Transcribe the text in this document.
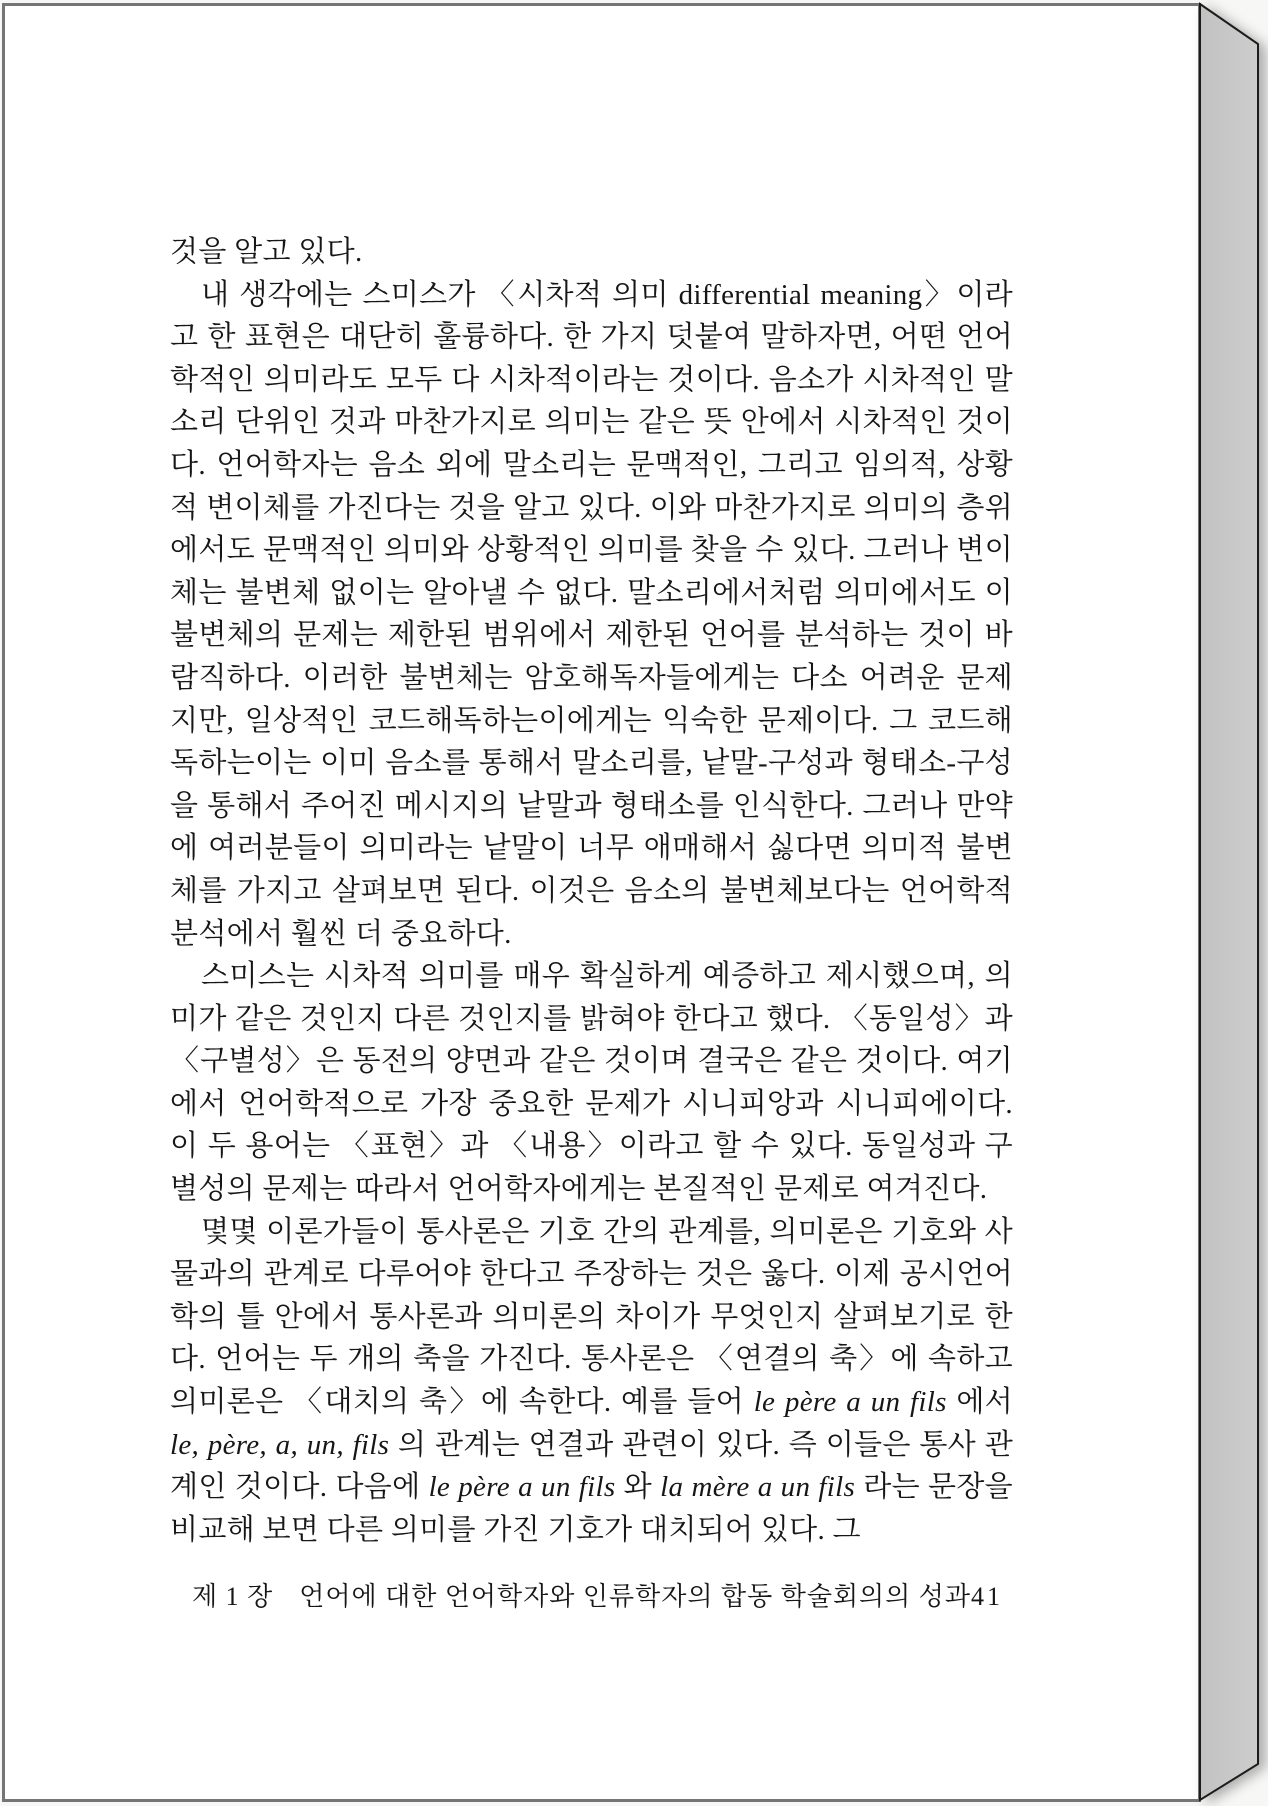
것을 알고 있다.

내 생각에는 스미스가 〈시차적 의미 differential meaning〉이라고 한 표현은 대단히 훌륭하다. 한 가지 덧붙여 말하자면, 어떤 언어학적인 의미라도 모두 다 시차적이라는 것이다. 음소가 시차적인 말소리 단위인 것과 마찬가지로 의미는 같은 뜻 안에서 시차적인 것이다. 언어학자는 음소 외에 말소리는 문맥적인, 그리고 임의적, 상황적 변이체를 가진다는 것을 알고 있다. 이와 마찬가지로 의미의 층위에서도 문맥적인 의미와 상황적인 의미를 찾을 수 있다. 그러나 변이체는 불변체 없이는 알아낼 수 없다. 말소리에서처럼 의미에서도 이 불변체의 문제는 제한된 범위에서 제한된 언어를 분석하는 것이 바람직하다. 이러한 불변체는 암호해독자들에게는 다소 어려운 문제지만, 일상적인 코드해독하는이에게는 익숙한 문제이다. 그 코드해독하는이는 이미 음소를 통해서 말소리를, 낱말-구성과 형태소-구성을 통해서 주어진 메시지의 낱말과 형태소를 인식한다. 그러나 만약에 여러분들이 의미라는 낱말이 너무 애매해서 싫다면 의미적 불변체를 가지고 살펴보면 된다. 이것은 음소의 불변체보다는 언어학적 분석에서 훨씬 더 중요하다.

스미스는 시차적 의미를 매우 확실하게 예증하고 제시했으며, 의미가 같은 것인지 다른 것인지를 밝혀야 한다고 했다. 〈동일성〉과 〈구별성〉은 동전의 양면과 같은 것이며 결국은 같은 것이다. 여기에서 언어학적으로 가장 중요한 문제가 시니피앙과 시니피에이다. 이 두 용어는 〈표현〉과 〈내용〉이라고 할 수 있다. 동일성과 구별성의 문제는 따라서 언어학자에게는 본질적인 문제로 여겨진다.

몇몇 이론가들이 통사론은 기호 간의 관계를, 의미론은 기호와 사물과의 관계로 다루어야 한다고 주장하는 것은 옳다. 이제 공시언어학의 틀 안에서 통사론과 의미론의 차이가 무엇인지 살펴보기로 한다. 언어는 두 개의 축을 가진다. 통사론은 〈연결의 축〉에 속하고 의미론은 〈대치의 축〉에 속한다. 예를 들어 le père a un fils 에서 le, père, a, un, fils 의 관계는 연결과 관련이 있다. 즉 이들은 통사 관계인 것이다. 다음에 le père a un fils 와 la mère a un fils 라는 문장을 비교해 보면 다른 의미를 가진 기호가 대치되어 있다. 그

제 1 장 언어에 대한 언어학자와 인류학자의 합동 학술회의의 성과 41
